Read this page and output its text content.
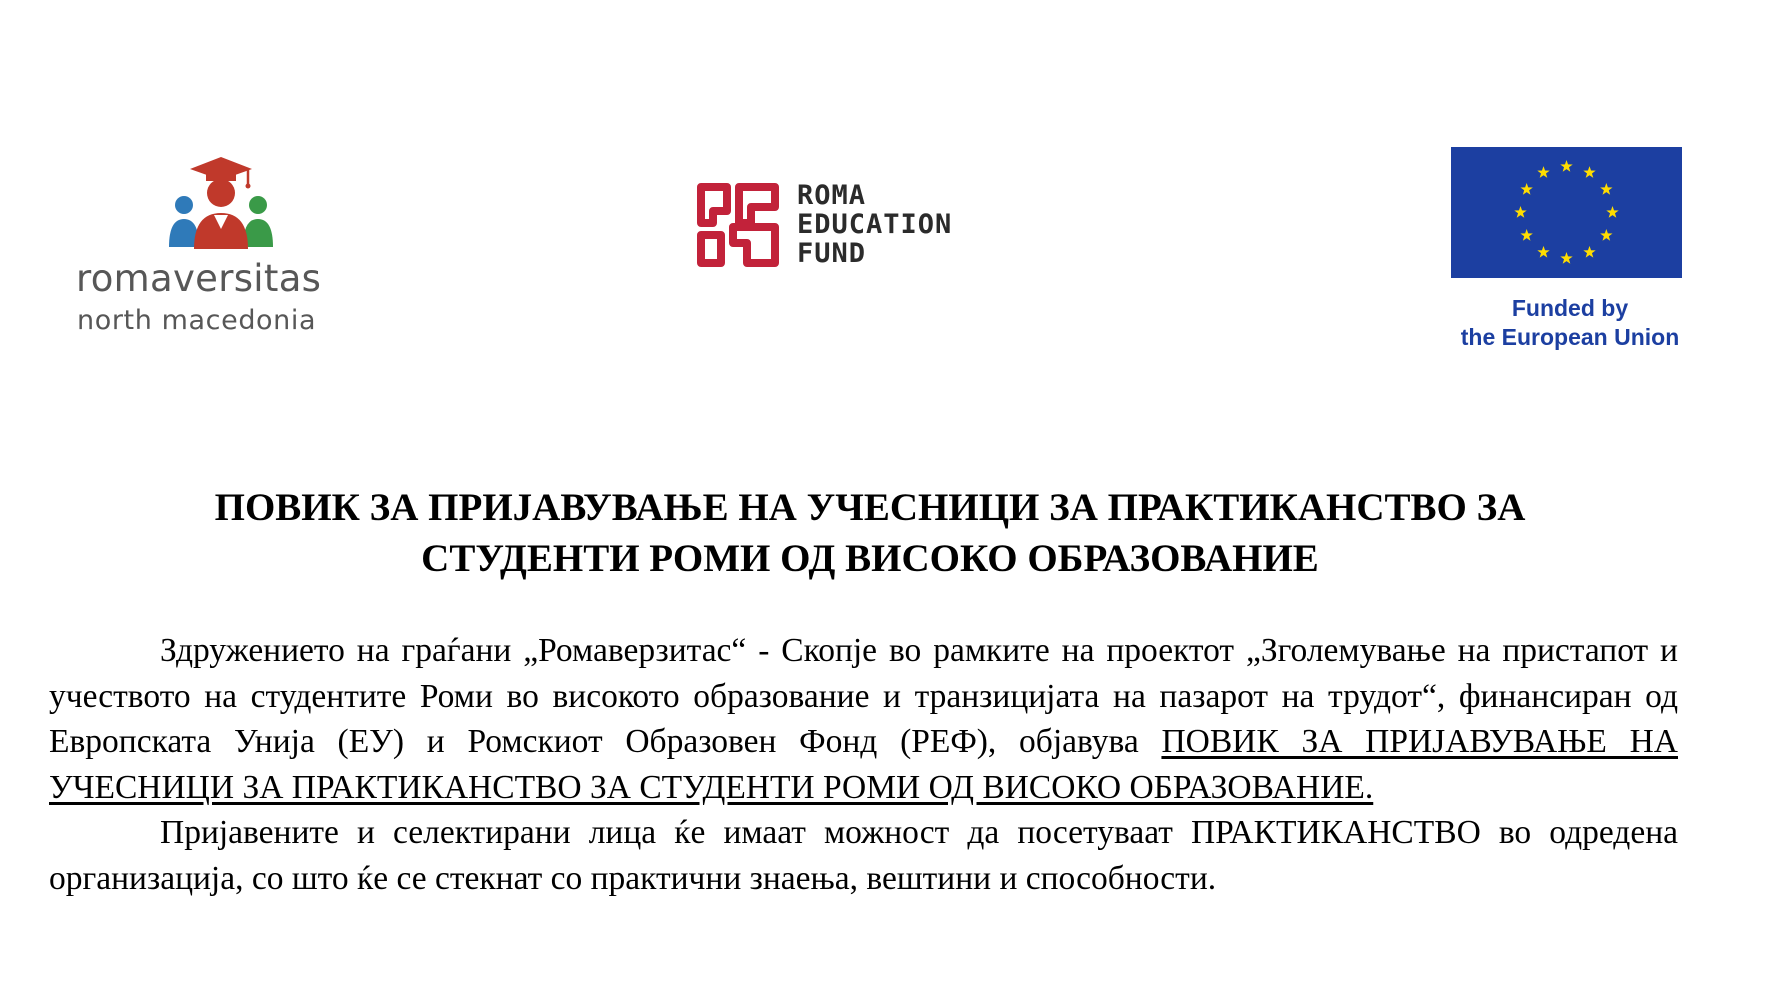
romaversitas
north macedonia
ROMA
EDUCATION
FUND
Funded by
the European Union
ПОВИК ЗА ПРИЈАВУВАЊЕ НА УЧЕСНИЦИ ЗА ПРАКТИКАНСТВО ЗА
СТУДЕНТИ РОМИ ОД ВИСОКО ОБРАЗОВАНИЕ

Здружението на граѓани „Ромаверзитас“ - Скопје во рамките на проектот „Зголемување на пристапот и учеството на студентите Роми во високото образование и транзицијата на пазарот на трудот“, финансиран од Европската Унија (ЕУ) и Ромскиот Образовен Фонд (РЕФ), објавува ПОВИК ЗА ПРИЈАВУВАЊЕ НА УЧЕСНИЦИ ЗА ПРАКТИКАНСТВО ЗА СТУДЕНТИ РОМИ ОД ВИСОКО ОБРАЗОВАНИЕ.

Пријавените и селектирани лица ќе имаат можност да посетуваат ПРАКТИКАНСТВО во одредена организација, со што ќе се стекнат со практични знаења, вештини и способности.
